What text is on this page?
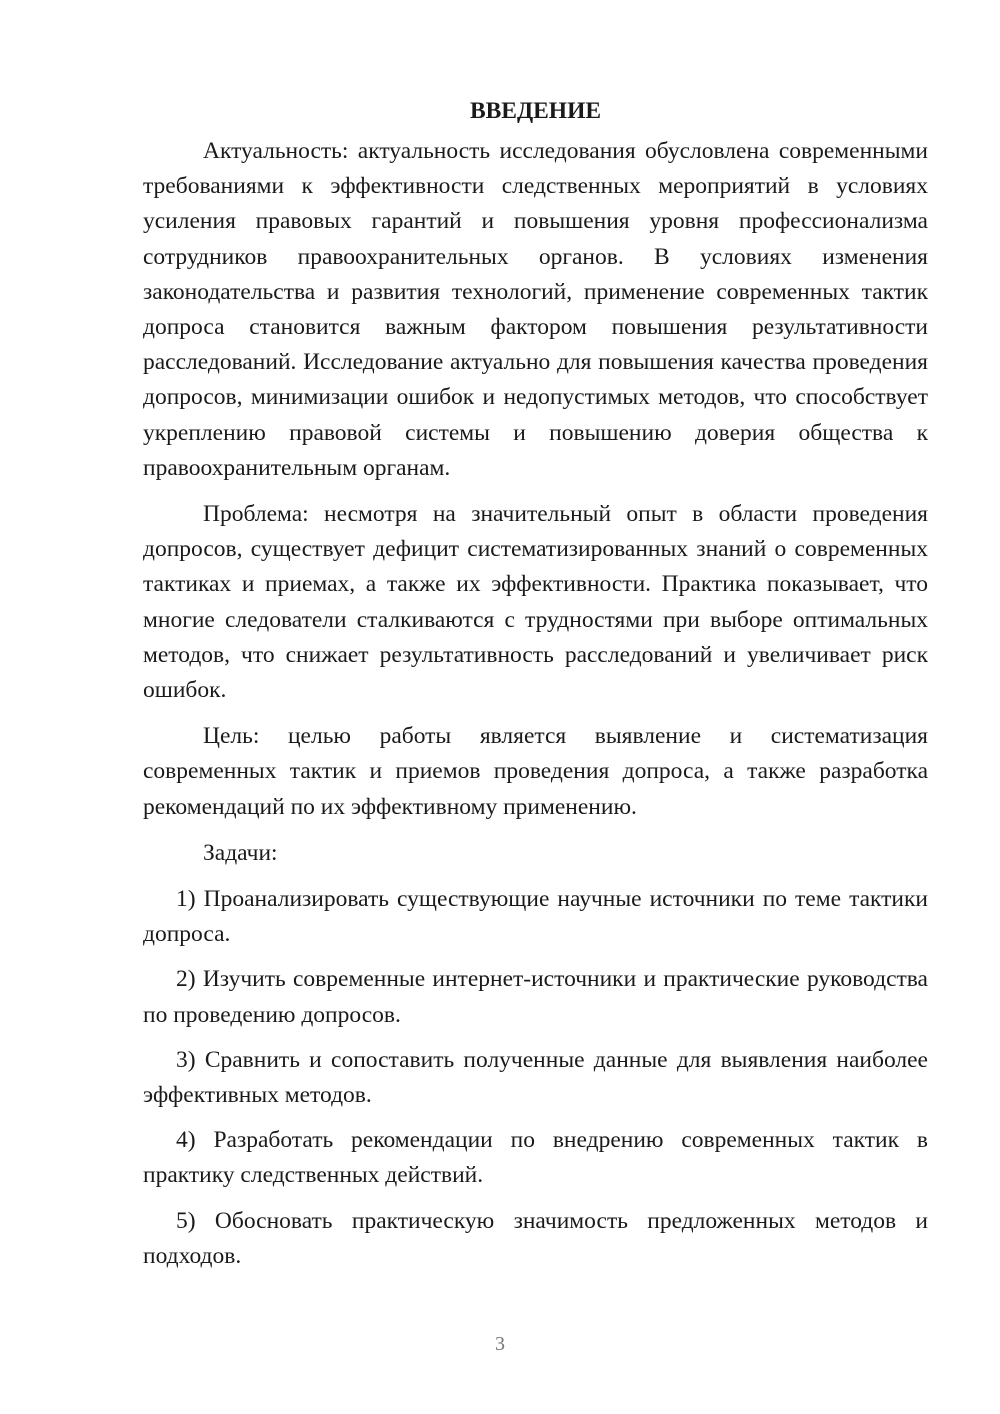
ВВЕДЕНИЕ

Актуальность: актуальность исследования обусловлена современными требованиями к эффективности следственных мероприятий в условиях усиления правовых гарантий и повышения уровня профессионализма сотрудников правоохранительных органов. В условиях изменения законодательства и развития технологий, применение современных тактик допроса становится важным фактором повышения результативности расследований. Исследование актуально для повышения качества проведения допросов, минимизации ошибок и недопустимых методов, что способствует укреплению правовой системы и повышению доверия общества к правоохранительным органам.

Проблема: несмотря на значительный опыт в области проведения допросов, существует дефицит систематизированных знаний о современных тактиках и приемах, а также их эффективности. Практика показывает, что многие следователи сталкиваются с трудностями при выборе оптимальных методов, что снижает результативность расследований и увеличивает риск ошибок.

Цель: целью работы является выявление и систематизация современных тактик и приемов проведения допроса, а также разработка рекомендаций по их эффективному применению.

Задачи:

1) Проанализировать существующие научные источники по теме тактики допроса.

2) Изучить современные интернет-источники и практические руководства по проведению допросов.

3) Сравнить и сопоставить полученные данные для выявления наиболее эффективных методов.

4) Разработать рекомендации по внедрению современных тактик в практику следственных действий.

5) Обосновать практическую значимость предложенных методов и подходов.

3
